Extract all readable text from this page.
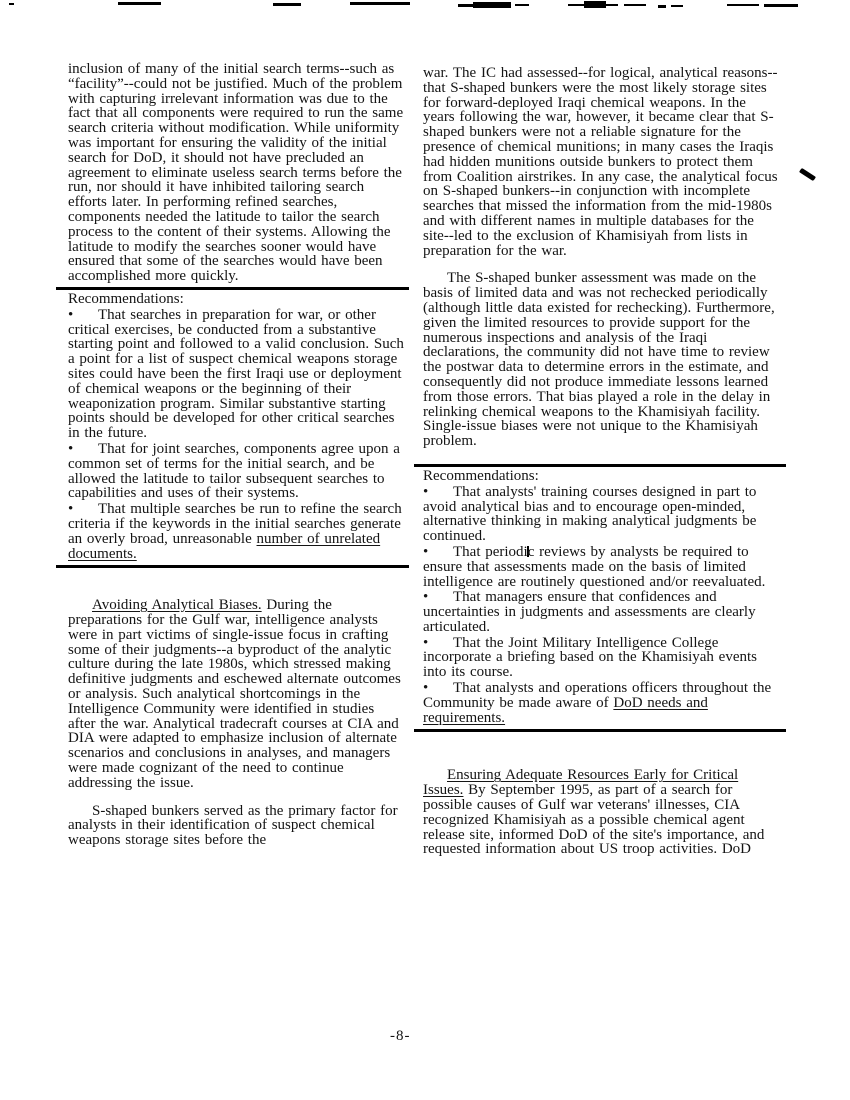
inclusion of many of the initial search terms--such as “facility”--could not be justified. Much of the problem with capturing irrelevant information was due to the fact that all components were required to run the same search criteria without modification. While uniformity was important for ensuring the validity of the initial search for DoD, it should not have precluded an agreement to eliminate useless search terms before the run, nor should it have inhibited tailoring search efforts later. In performing refined searches, components needed the latitude to tailor the search process to the content of their systems. Allowing the latitude to modify the searches sooner would have ensured that some of the searches would have been accomplished more quickly.

Recommendations:

• That searches in preparation for war, or other critical exercises, be conducted from a substantive starting point and followed to a valid conclusion. Such a point for a list of suspect chemical weapons storage sites could have been the first Iraqi use or deployment of chemical weapons or the beginning of their weaponization program. Similar substantive starting points should be developed for other critical searches in the future.

• That for joint searches, components agree upon a common set of terms for the initial search, and be allowed the latitude to tailor subsequent searches to capabilities and uses of their systems.

• That multiple searches be run to refine the search criteria if the keywords in the initial searches generate an overly broad, unreasonable number of unrelated documents.

Avoiding Analytical Biases. During the preparations for the Gulf war, intelligence analysts were in part victims of single-issue focus in crafting some of their judgments--a byproduct of the analytic culture during the late 1980s, which stressed making definitive judgments and eschewed alternate outcomes or analysis. Such analytical shortcomings in the Intelligence Community were identified in studies after the war. Analytical tradecraft courses at CIA and DIA were adapted to emphasize inclusion of alternate scenarios and conclusions in analyses, and managers were made cognizant of the need to continue addressing the issue.

S-shaped bunkers served as the primary factor for analysts in their identification of suspect chemical weapons storage sites before the

war. The IC had assessed--for logical, analytical reasons--that S-shaped bunkers were the most likely storage sites for forward-deployed Iraqi chemical weapons. In the years following the war, however, it became clear that S-shaped bunkers were not a reliable signature for the presence of chemical munitions; in many cases the Iraqis had hidden munitions outside bunkers to protect them from Coalition airstrikes. In any case, the analytical focus on S-shaped bunkers--in conjunction with incomplete searches that missed the information from the mid-1980s and with different names in multiple databases for the site--led to the exclusion of Khamisiyah from lists in preparation for the war.

The S-shaped bunker assessment was made on the basis of limited data and was not rechecked periodically (although little data existed for rechecking). Furthermore, given the limited resources to provide support for the numerous inspections and analysis of the Iraqi declarations, the community did not have time to review the postwar data to determine errors in the estimate, and consequently did not produce immediate lessons learned from those errors. That bias played a role in the delay in relinking chemical weapons to the Khamisiyah facility. Single-issue biases were not unique to the Khamisiyah problem.

Recommendations:

• That analysts' training courses designed in part to avoid analytical bias and to encourage open-minded, alternative thinking in making analytical judgments be continued.

• That periodic reviews by analysts be required to ensure that assessments made on the basis of limited intelligence are routinely questioned and/or reevaluated.

• That managers ensure that confidences and uncertainties in judgments and assessments are clearly articulated.

• That the Joint Military Intelligence College incorporate a briefing based on the Khamisiyah events into its course.

• That analysts and operations officers throughout the Community be made aware of DoD needs and requirements.

Ensuring Adequate Resources Early for Critical Issues. By September 1995, as part of a search for possible causes of Gulf war veterans' illnesses, CIA recognized Khamisiyah as a possible chemical agent release site, informed DoD of the site's importance, and requested information about US troop activities. DoD

-8-
